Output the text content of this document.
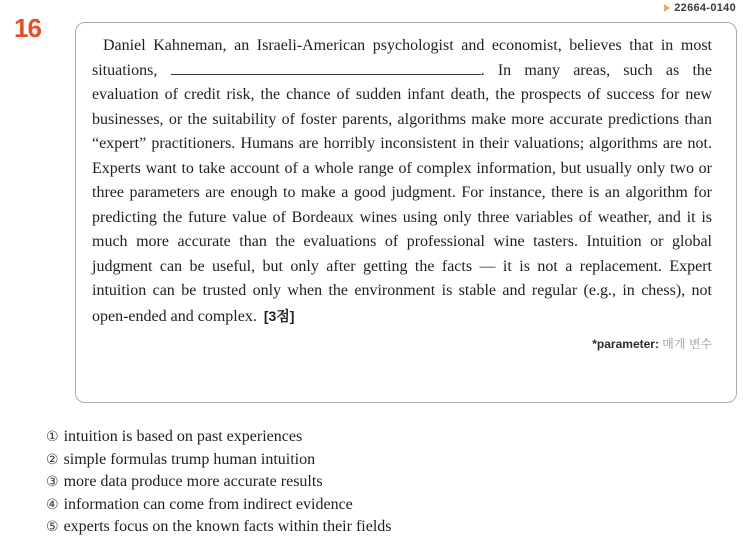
22664-0140
16

Daniel Kahneman, an Israeli-American psychologist and economist, believes that in most situations,	. In many areas, such as the evaluation of credit risk, the chance of sudden infant death, the prospects of success for new businesses, or the suitability of foster parents, algorithms make more accurate predictions than “expert” practitioners. Humans are horribly inconsistent in their valuations; algorithms are not. Experts want to take account of a whole range of complex information, but usually only two or three parameters are enough to make a good judgment. For instance, there is an algorithm for predicting the future value of Bordeaux wines using only three variables of weather, and it is much more accurate than the evaluations of professional wine tasters. Intuition or global judgment can be useful, but only after getting the facts — it is not a replacement. Expert intuition can be trusted only when the environment is stable and regular (e.g., in chess), not open-ended and complex. [3점]

*parameter: 매개 변수
① intuition is based on past experiences
② simple formulas trump human intuition
③ more data produce more accurate results
④ information can come from indirect evidence
⑤ experts focus on the known facts within their fields
